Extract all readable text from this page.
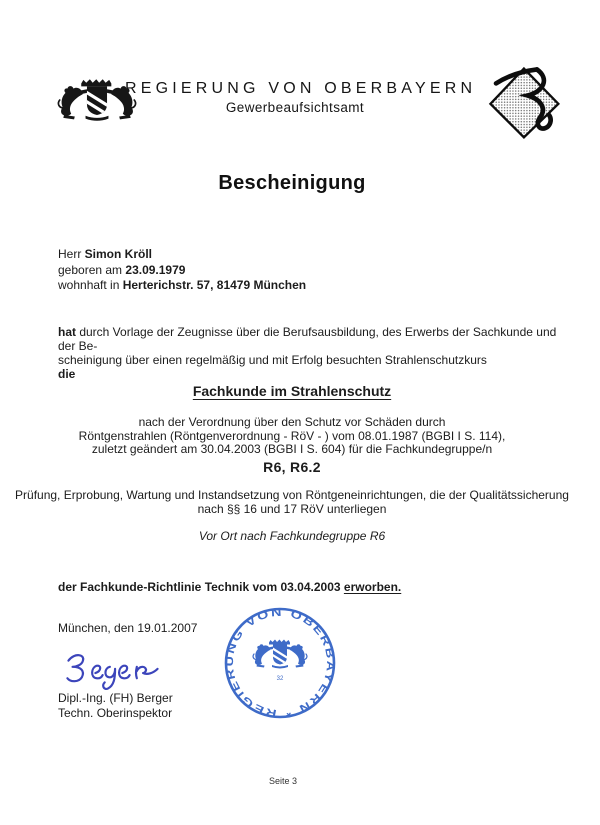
REGIERUNG VON OBERBAYERN
Gewerbeaufsichtsamt
Bescheinigung
Herr Simon Kröll
geboren am 23.09.1979
wohnhaft in Herterichstr. 57, 81479 München
hat durch Vorlage der Zeugnisse über die Berufsausbildung, des Erwerbs der Sachkunde und der Be-
scheinigung über einen regelmäßig und mit Erfolg besuchten Strahlenschutzkurs
die
Fachkunde im Strahlenschutz
nach der Verordnung über den Schutz vor Schäden durch
Röntgenstrahlen (Röntgenverordnung - RöV - ) vom 08.01.1987 (BGBI I S. 114),
zuletzt geändert am 30.04.2003 (BGBI I S. 604) für die Fachkundegruppe/n
R6, R6.2
Prüfung, Erprobung, Wartung und Instandsetzung von Röntgeneinrichtungen, die der Qualitätssicherung
nach §§ 16 und 17 RöV unterliegen
Vor Ort nach Fachkundegruppe R6
der Fachkunde-Richtlinie Technik vom 03.04.2003 erworben.
München, den 19.01.2007
REGIERUNG VON OBERBAYERN *
32
Dipl.-Ing. (FH) Berger
Techn. Oberinspektor
Seite 3
